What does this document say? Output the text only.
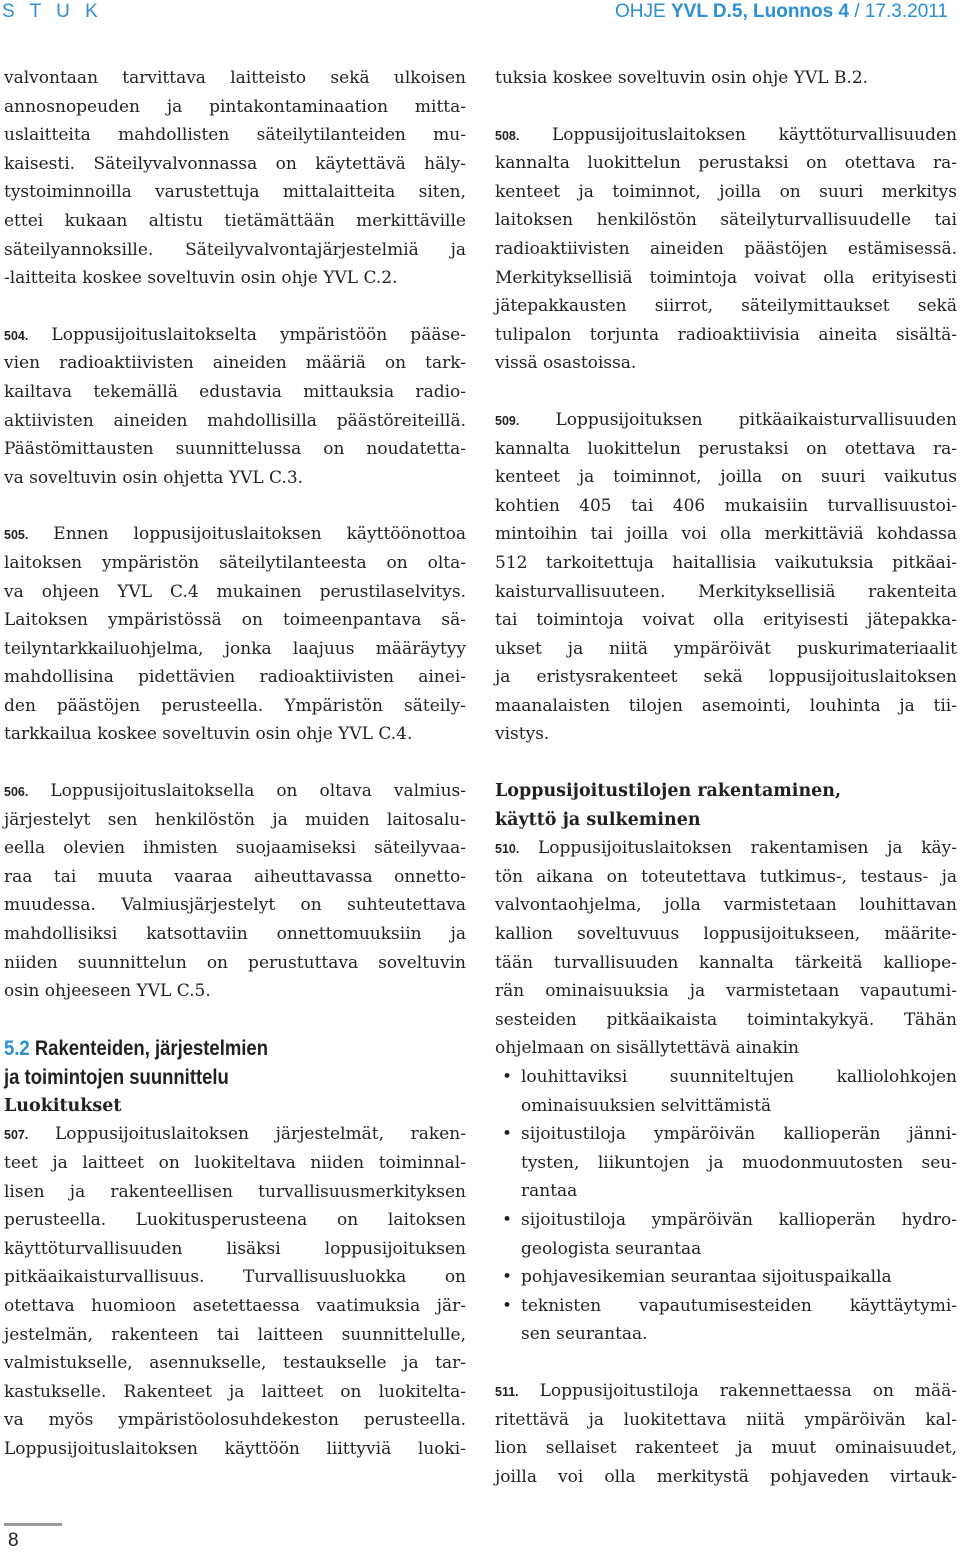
S T U K	OHJE YVL D.5, Luonnos 4 / 17.3.2011
valvontaan tarvittava laitteisto sekä ulkoisen
annosnopeuden ja pintakontaminaation mitta-
uslaitteita mahdollisten säteilytilanteiden mu-
kaisesti. Säteilyvalvonnassa on käytettävä häly-
tystoiminnoilla varustettuja mittalaitteita siten,
ettei kukaan altistu tietämättään merkittäville
säteilyannoksille. Säteilyvalvontajärjestelmiä ja
-laitteita koskee soveltuvin osin ohje YVL C.2.
504. Loppusijoituslaitokselta ympäristöön pääse-
vien radioaktiivisten aineiden määriä on tark-
kailtava tekemällä edustavia mittauksia radio-
aktiivisten aineiden mahdollisilla päästöreiteillä.
Päästömittausten suunnittelussa on noudatetta-
va soveltuvin osin ohjetta YVL C.3.
505. Ennen loppusijoituslaitoksen käyttöönottoa
laitoksen ympäristön säteilytilanteesta on olta-
va ohjeen YVL C.4 mukainen perustilaselvitys.
Laitoksen ympäristössä on toimeenpantava sä-
teilyntarkkailuohjelma, jonka laajuus määräytyy
mahdollisina pidettävien radioaktiivisten ainei-
den päästöjen perusteella. Ympäristön säteily-
tarkkailua koskee soveltuvin osin ohje YVL C.4.
506. Loppusijoituslaitoksella on oltava valmius-
järjestelyt sen henkilöstön ja muiden laitosalu-
eella olevien ihmisten suojaamiseksi säteilyvaa-
raa tai muuta vaaraa aiheuttavassa onnetto-
muudessa. Valmiusjärjestelyt on suhteutettava
mahdollisiksi katsottaviin onnettomuuksiin ja
niiden suunnittelun on perustuttava soveltuvin
osin ohjeeseen YVL C.5.
5.2 Rakenteiden, järjestelmien
ja toimintojen suunnittelu
Luokitukset
507. Loppusijoituslaitoksen järjestelmät, raken-
teet ja laitteet on luokiteltava niiden toiminnal-
lisen ja rakenteellisen turvallisuusmerkityksen
perusteella. Luokitusperusteena on laitoksen
käyttöturvallisuuden lisäksi loppusijoituksen
pitkäaikaisturvallisuus. Turvallisuusluokka on
otettava huomioon asetettaessa vaatimuksia jär-
jestelmän, rakenteen tai laitteen suunnittelulle,
valmistukselle, asennukselle, testaukselle ja tar-
kastukselle. Rakenteet ja laitteet on luokitelta-
va myös ympäristöolosuhdekeston perusteella.
Loppusijoituslaitoksen käyttöön liittyviä luoki-
tuksia koskee soveltuvin osin ohje YVL B.2.
508. Loppusijoituslaitoksen käyttöturvallisuuden
kannalta luokittelun perustaksi on otettava ra-
kenteet ja toiminnot, joilla on suuri merkitys
laitoksen henkilöstön säteilyturvallisuudelle tai
radioaktiivisten aineiden päästöjen estämisessä.
Merkityksellisiä toimintoja voivat olla erityisesti
jätepakkausten siirrot, säteilymittaukset sekä
tulipalon torjunta radioaktiivisia aineita sisältä-
vissä osastoissa.
509. Loppusijoituksen pitkäaikaisturvallisuuden
kannalta luokittelun perustaksi on otettava ra-
kenteet ja toiminnot, joilla on suuri vaikutus
kohtien 405 tai 406 mukaisiin turvallisuustoi-
mintoihin tai joilla voi olla merkittäviä kohdassa
512 tarkoitettuja haitallisia vaikutuksia pitkäai-
kaisturvallisuuteen. Merkityksellisiä rakenteita
tai toimintoja voivat olla erityisesti jätepakka-
ukset ja niitä ympäröivät puskurimateriaalit
ja eristysrakenteet sekä loppusijoituslaitoksen
maanalaisten tilojen asemointi, louhinta ja tii-
vistys.
Loppusijoitustilojen rakentaminen,
käyttö ja sulkeminen
510. Loppusijoituslaitoksen rakentamisen ja käy-
tön aikana on toteutettava tutkimus-, testaus- ja
valvontaohjelma, jolla varmistetaan louhittavan
kallion soveltuvuus loppusijoitukseen, määrite-
tään turvallisuuden kannalta tärkeitä kalliope-
rän ominaisuuksia ja varmistetaan vapautumi-
sesteiden pitkäaikaista toimintakykyä. Tähän
ohjelmaan on sisällytettävä ainakin
• louhittaviksi suunniteltujen kalliolohkojen
ominaisuuksien selvittämistä
• sijoitustiloja ympäröivän kallioperän jänni-
tysten, liikuntojen ja muodonmuutosten seu-
rantaa
• sijoitustiloja ympäröivän kallioperän hydro-
geologista seurantaa
• pohjavesikemian seurantaa sijoituspaikalla
• teknisten vapautumisesteiden käyttäytymi-
sen seurantaa.
511. Loppusijoitustiloja rakennettaessa on mää-
ritettävä ja luokitettava niitä ympäröivän kal-
lion sellaiset rakenteet ja muut ominaisuudet,
joilla voi olla merkitystä pohjaveden virtauk-
8
